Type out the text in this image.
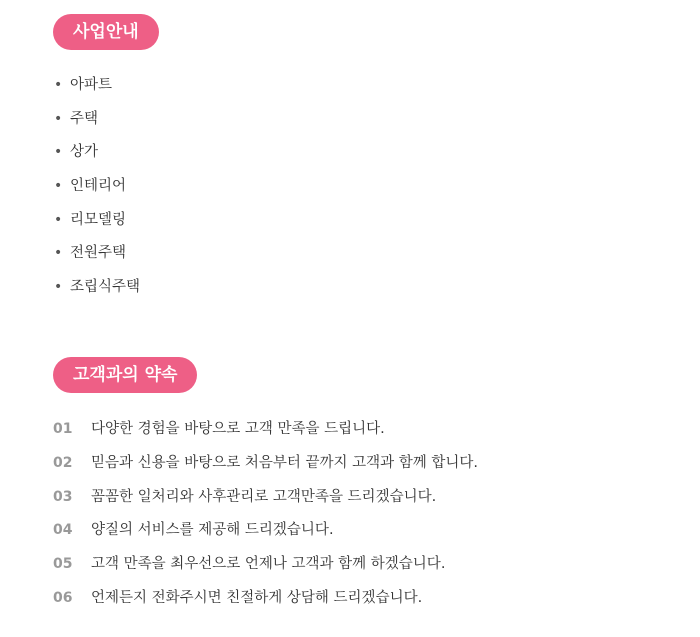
사업안내
• 아파트
• 주택
• 상가
• 인테리어
• 리모델링
• 전원주택
• 조립식주택
고객과의 약속
01 다양한 경험을 바탕으로 고객 만족을 드립니다.
02 믿음과 신용을 바탕으로 처음부터 끝까지 고객과 함께 합니다.
03 꼼꼼한 일처리와 사후관리로 고객만족을 드리겠습니다.
04 양질의 서비스를 제공해 드리겠습니다.
05 고객 만족을 최우선으로 언제나 고객과 함께 하겠습니다.
06 언제든지 전화주시면 친절하게 상담해 드리겠습니다.
